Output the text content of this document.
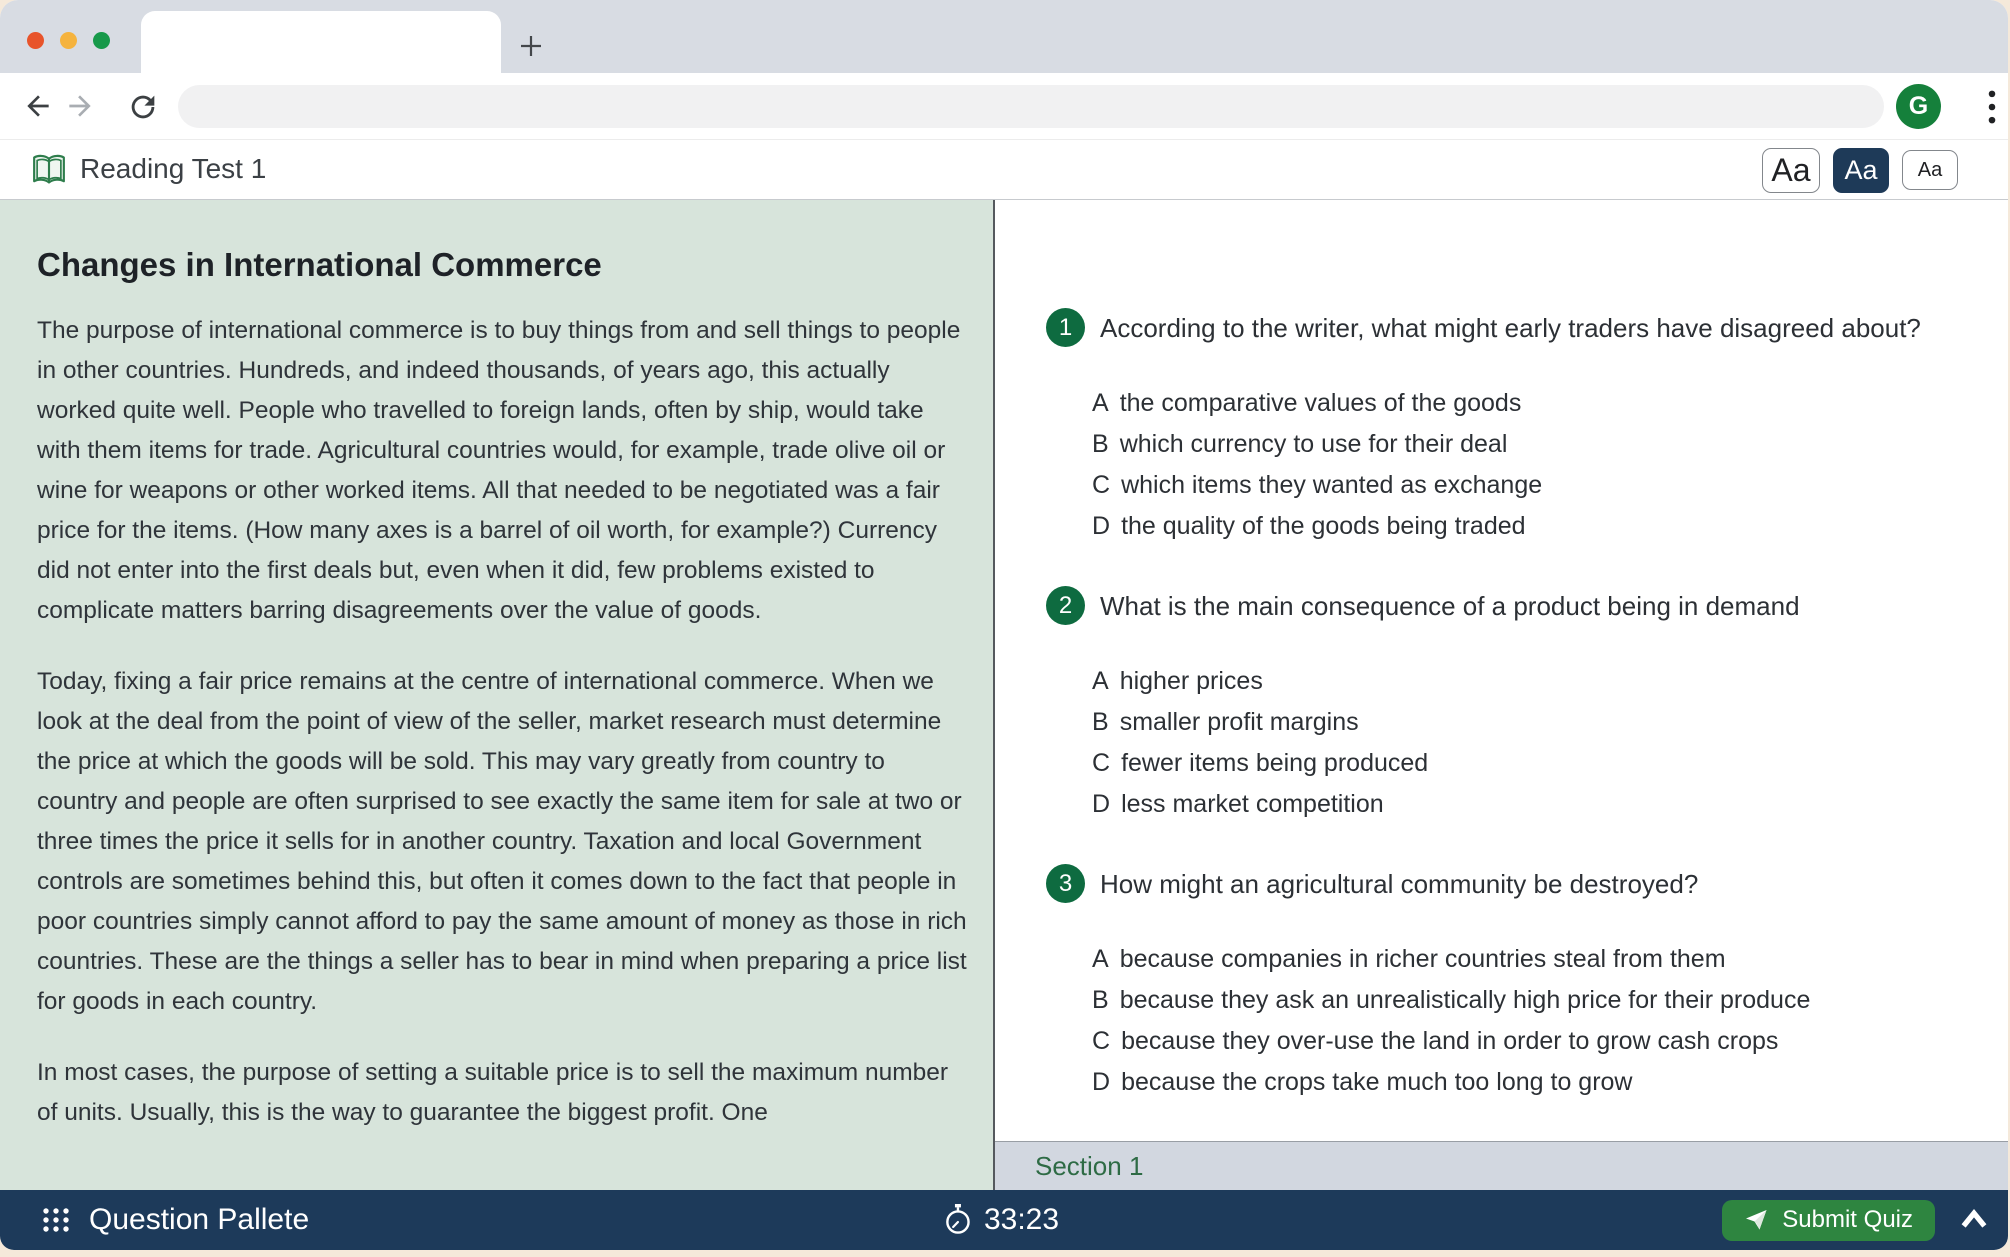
G
Reading Test 1	Aa	Aa	Aa
Changes in International Commerce

The purpose of international commerce is to buy things from and sell things to people in other countries. Hundreds, and indeed thousands, of years ago, this actually worked quite well. People who travelled to foreign lands, often by ship, would take with them items for trade. Agricultural countries would, for example, trade olive oil or wine for weapons or other worked items. All that needed to be negotiated was a fair price for the items. (How many axes is a barrel of oil worth, for example?) Currency did not enter into the first deals but, even when it did, few problems existed to complicate matters barring disagreements over the value of goods.

Today, fixing a fair price remains at the centre of international commerce. When we look at the deal from the point of view of the seller, market research must determine the price at which the goods will be sold. This may vary greatly from country to country and people are often surprised to see exactly the same item for sale at two or three times the price it sells for in another country. Taxation and local Government controls are sometimes behind this, but often it comes down to the fact that people in poor countries simply cannot afford to pay the same amount of money as those in rich countries. These are the things a seller has to bear in mind when preparing a price list for goods in each country.

In most cases, the purpose of setting a suitable price is to sell the maximum number of units. Usually, this is the way to guarantee the biggest profit. One

1	According to the writer, what might early traders have disagreed about?
A the comparative values of the goods
B which currency to use for their deal
C which items they wanted as exchange
D the quality of the goods being traded
2	What is the main consequence of a product being in demand
A higher prices
B smaller profit margins
C fewer items being produced
D less market competition
3	How might an agricultural community be destroyed?
A because companies in richer countries steal from them
B because they ask an unrealistically high price for their produce
C because they over-use the land in order to grow cash crops
D because the crops take much too long to grow
Section 1
Question Pallete	33:23	Submit Quiz
